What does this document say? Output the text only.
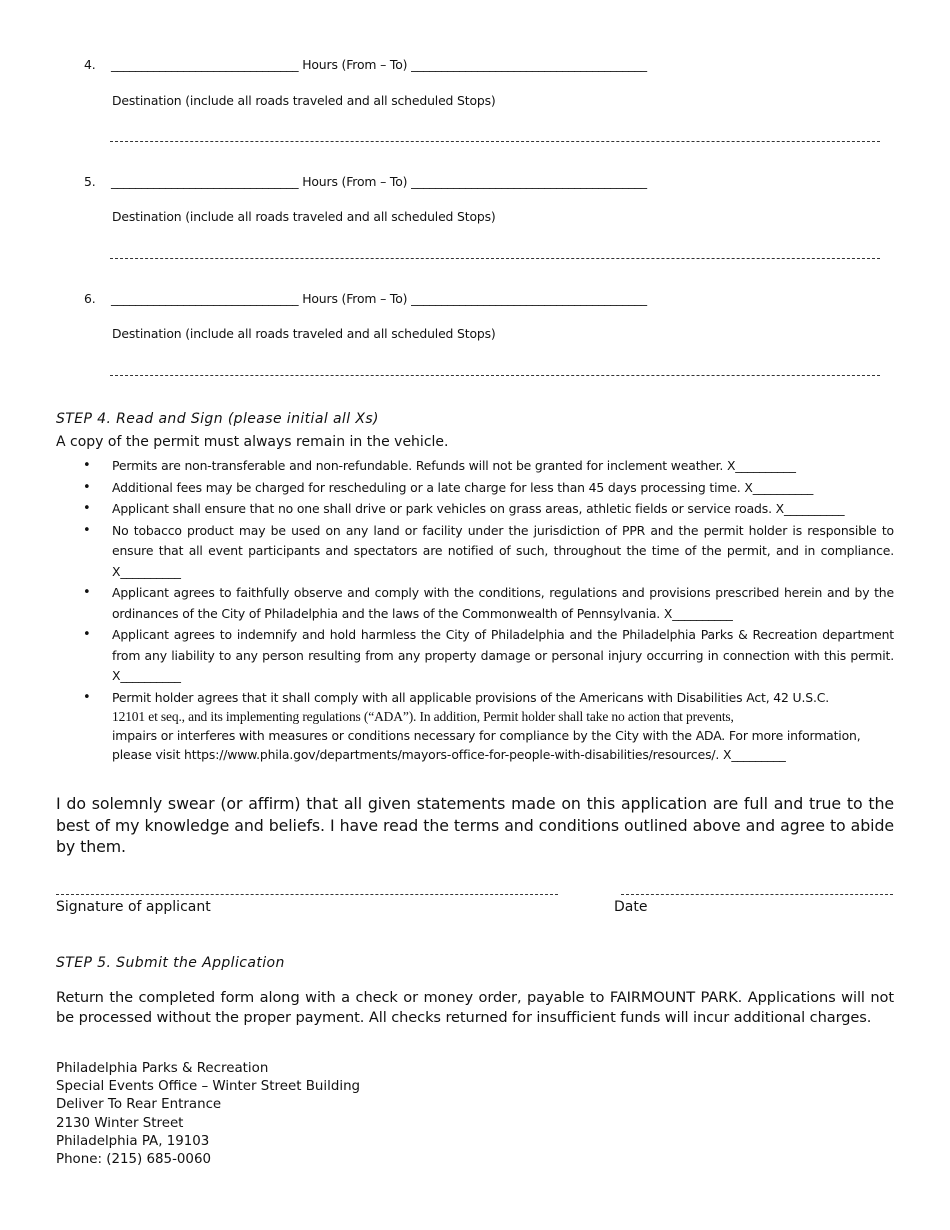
4. _______________________________ Hours (From – To) _______________________________________
Destination (include all roads traveled and all scheduled Stops)
5. _______________________________ Hours (From – To) _______________________________________
Destination (include all roads traveled and all scheduled Stops)
6. _______________________________ Hours (From – To) _______________________________________
Destination (include all roads traveled and all scheduled Stops)
STEP 4. Read and Sign (please initial all Xs)
A copy of the permit must always remain in the vehicle.
• Permits are non-transferable and non-refundable. Refunds will not be granted for inclement weather. X__________
• Additional fees may be charged for rescheduling or a late charge for less than 45 days processing time. X__________
• Applicant shall ensure that no one shall drive or park vehicles on grass areas, athletic fields or service roads. X__________
• No tobacco product may be used on any land or facility under the jurisdiction of PPR and the permit holder is responsible to ensure that all event participants and spectators are notified of such, throughout the time of the permit, and in compliance. X__________
• Applicant agrees to faithfully observe and comply with the conditions, regulations and provisions prescribed herein and by the ordinances of the City of Philadelphia and the laws of the Commonwealth of Pennsylvania. X__________
• Applicant agrees to indemnify and hold harmless the City of Philadelphia and the Philadelphia Parks & Recreation department from any liability to any person resulting from any property damage or personal injury occurring in connection with this permit. X__________
• Permit holder agrees that it shall comply with all applicable provisions of the Americans with Disabilities Act, 42 U.S.C.
12101 et seq., and its implementing regulations (“ADA”). In addition, Permit holder shall take no action that prevents,
impairs or interferes with measures or conditions necessary for compliance by the City with the ADA. For more information,
please visit https://www.phila.gov/departments/mayors-office-for-people-with-disabilities/resources/. X_________
I do solemnly swear (or affirm) that all given statements made on this application are full and true to the best of my knowledge and beliefs. I have read the terms and conditions outlined above and agree to abide by them.
Signature of applicant	Date
STEP 5. Submit the Application
Return the completed form along with a check or money order, payable to FAIRMOUNT PARK. Applications will not be processed without the proper payment. All checks returned for insufficient funds will incur additional charges.
Philadelphia Parks & Recreation
Special Events Office – Winter Street Building
Deliver To Rear Entrance
2130 Winter Street
Philadelphia PA, 19103
Phone: (215) 685-0060
